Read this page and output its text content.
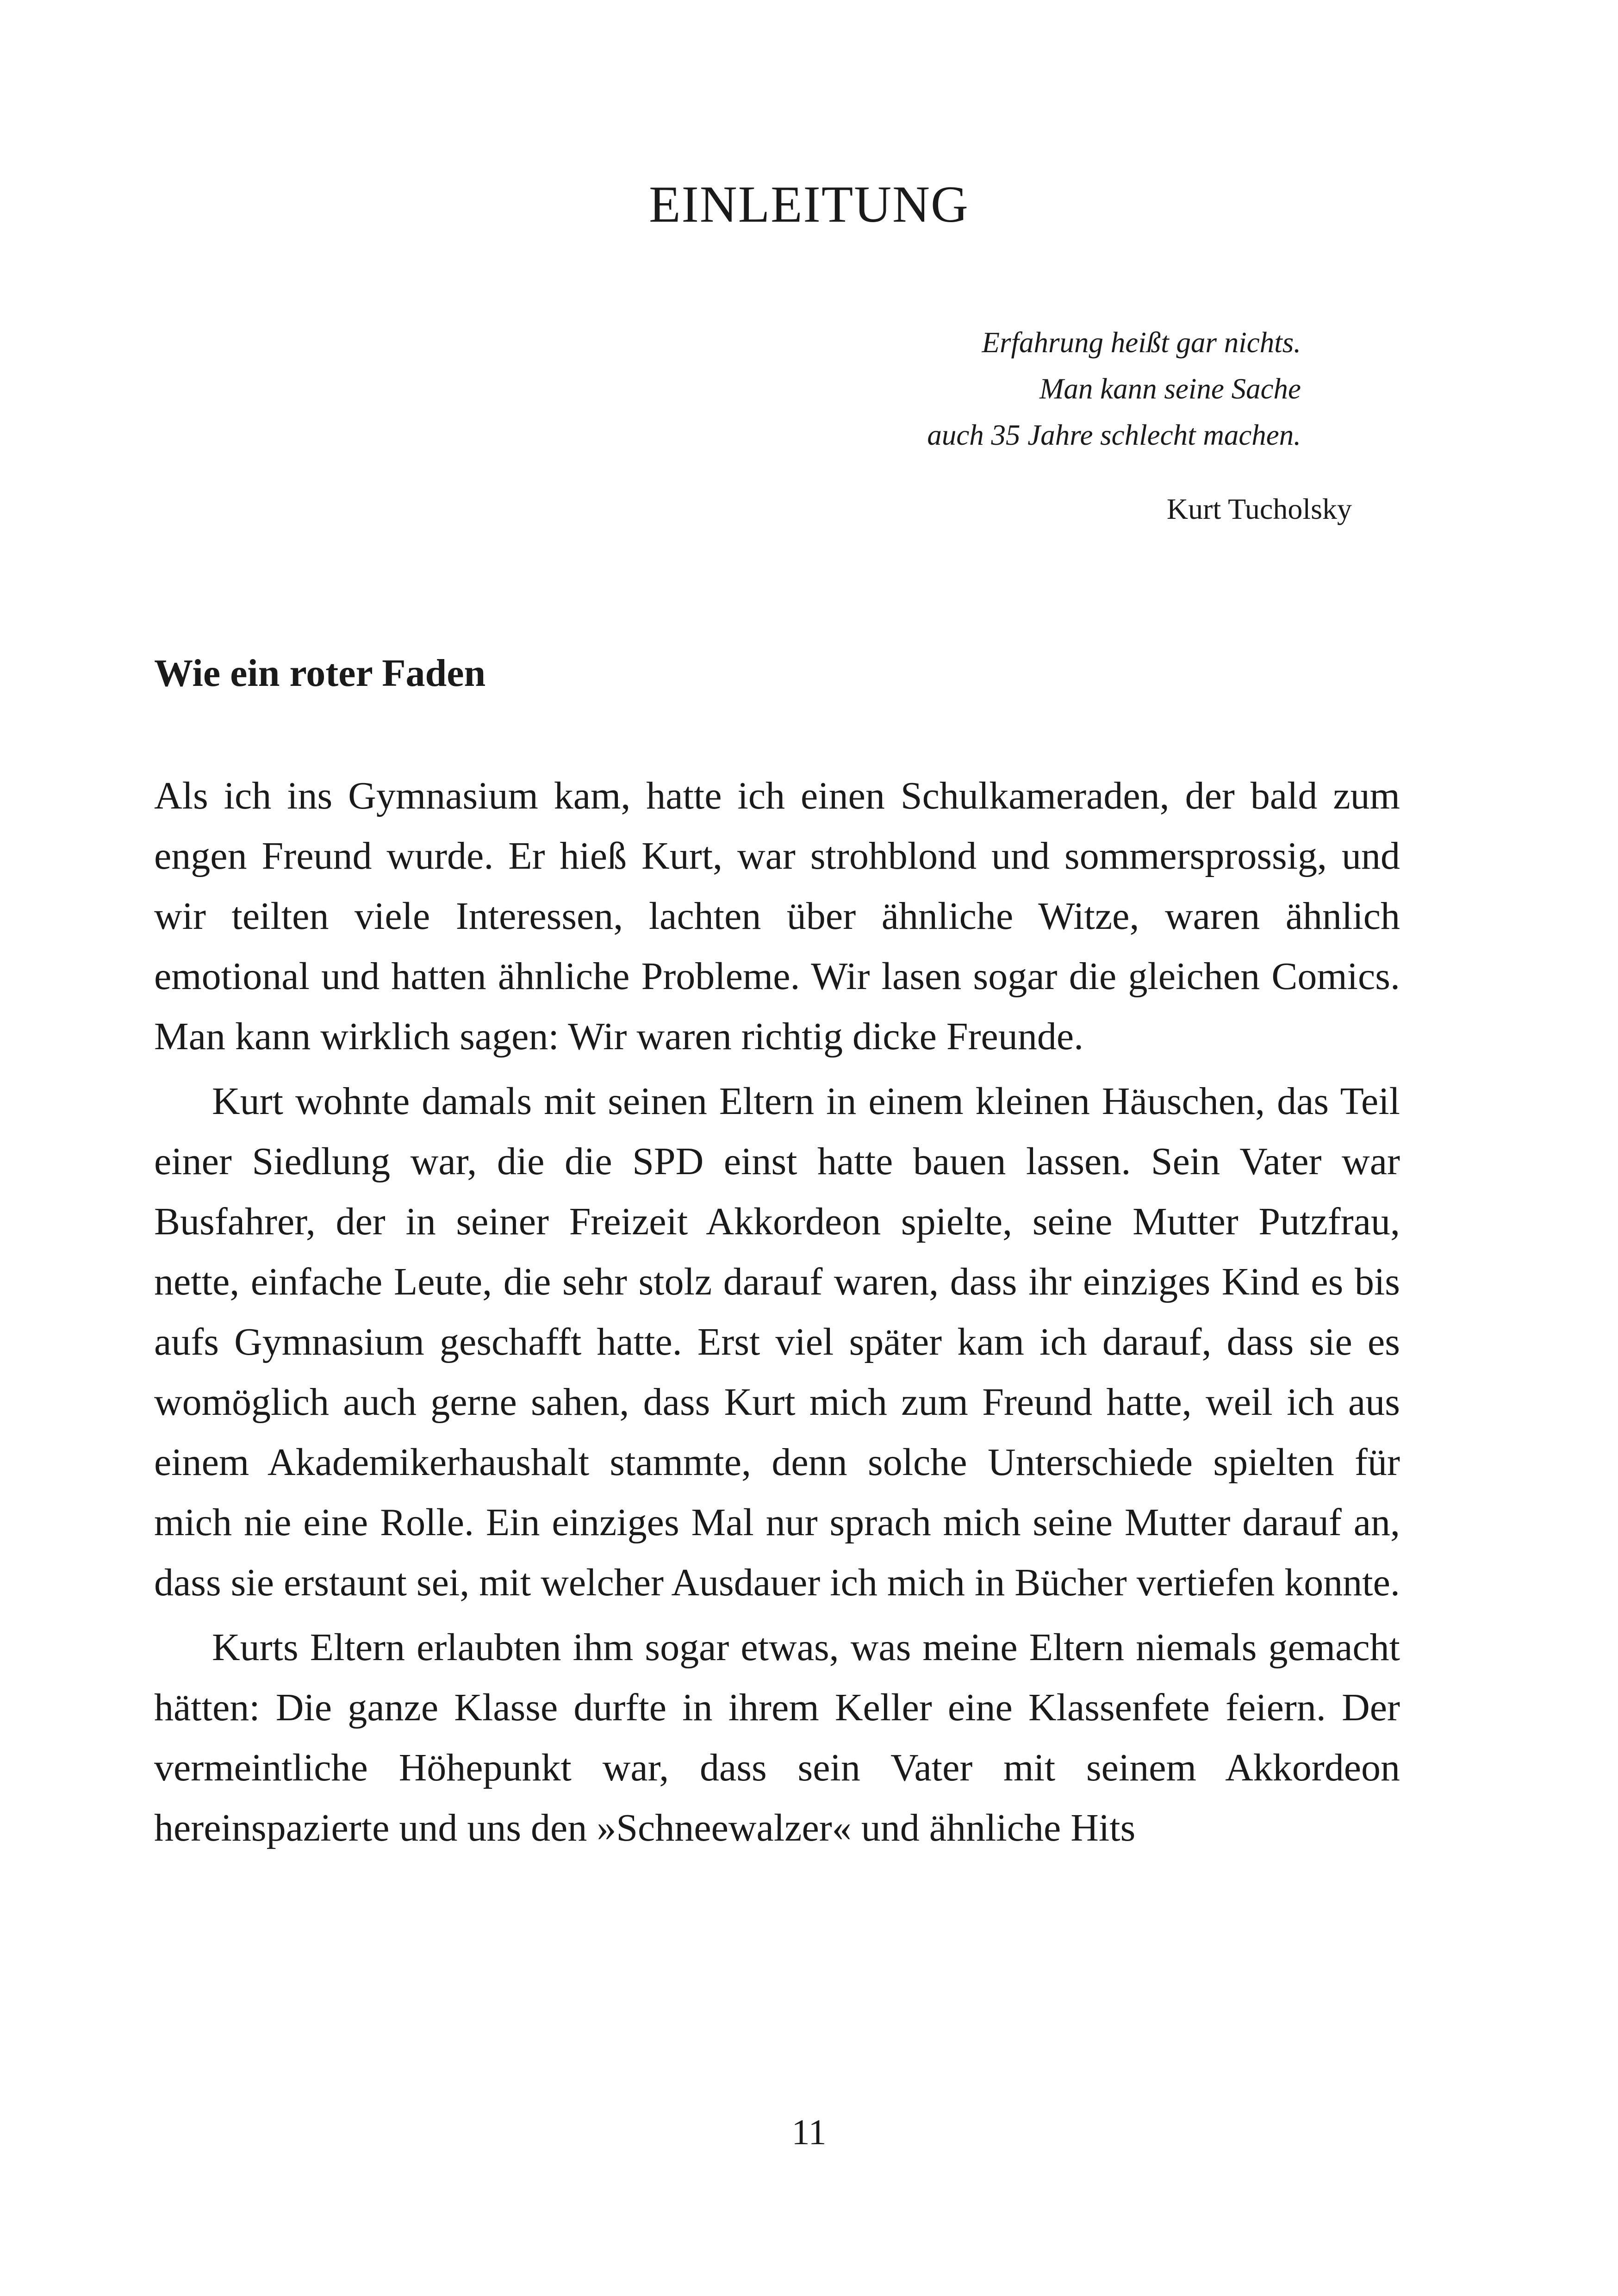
EINLEITUNG
Erfahrung heißt gar nichts.
Man kann seine Sache
auch 35 Jahre schlecht machen.
Kurt Tucholsky
Wie ein roter Faden

Als ich ins Gymnasium kam, hatte ich einen Schulkameraden, der bald zum engen Freund wurde. Er hieß Kurt, war strohblond und sommersprossig, und wir teilten viele Interessen, lachten über ähnliche Witze, waren ähnlich emotional und hatten ähnliche Probleme. Wir lasen sogar die gleichen Comics. Man kann wirklich sagen: Wir waren richtig dicke Freunde.

Kurt wohnte damals mit seinen Eltern in einem kleinen Häuschen, das Teil einer Siedlung war, die die SPD einst hatte bauen lassen. Sein Vater war Busfahrer, der in seiner Freizeit Akkordeon spielte, seine Mutter Putzfrau, nette, einfache Leute, die sehr stolz darauf waren, dass ihr einziges Kind es bis aufs Gymnasium geschafft hatte. Erst viel später kam ich darauf, dass sie es womöglich auch gerne sahen, dass Kurt mich zum Freund hatte, weil ich aus einem Akademikerhaushalt stammte, denn solche Unterschiede spielten für mich nie eine Rolle. Ein einziges Mal nur sprach mich seine Mutter darauf an, dass sie erstaunt sei, mit welcher Ausdauer ich mich in Bücher vertiefen konnte.

Kurts Eltern erlaubten ihm sogar etwas, was meine Eltern niemals gemacht hätten: Die ganze Klasse durfte in ihrem Keller eine Klassenfete feiern. Der vermeintliche Höhepunkt war, dass sein Vater mit seinem Akkordeon hereinspazierte und uns den »Schneewalzer« und ähnliche Hits

11
